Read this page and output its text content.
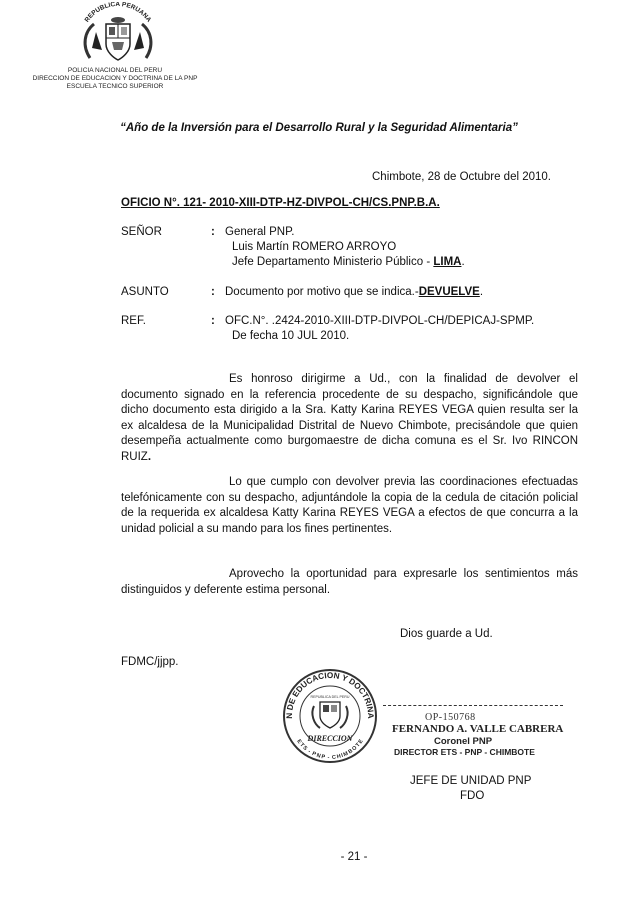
REPUBLICA PERUANA
POLICIA NACIONAL DEL PERU
DIRECCION DE EDUCACION Y DOCTRINA DE LA PNP
ESCUELA TECNICO SUPERIOR
“Año de la Inversión para el Desarrollo Rural y la Seguridad Alimentaria”
Chimbote, 28 de Octubre del 2010.
OFICIO N°. 121- 2010-XIII-DTP-HZ-DIVPOL-CH/CS.PNP.B.A.
SEÑOR	: General PNP.
Luis Martín ROMERO ARROYO
Jefe Departamento Ministerio Público - LIMA.
ASUNTO	: Documento por motivo que se indica.-DEVUELVE.
REF.	: OFC.N°. .2424-2010-XIII-DTP-DIVPOL-CH/DEPICAJ-SPMP.
De fecha 10 JUL 2010.
Es honroso dirigirme a Ud., con la finalidad de devolver el documento signado en la referencia procedente de su despacho, significándole que dicho documento esta dirigido a la Sra. Katty Karina REYES VEGA quien resulta ser la ex alcaldesa de la Municipalidad Distrital de Nuevo Chimbote, precisándole que quien desempeña actualmente como burgomaestre de dicha comuna es el Sr. Ivo RINCON RUIZ.
Lo que cumplo con devolver previa las coordinaciones efectuadas telefónicamente con su despacho, adjuntándole la copia de la cedula de citación policial de la requerida ex alcaldesa Katty Karina REYES VEGA a efectos de que concurra a la unidad policial a su mando para los fines pertinentes.
Aprovecho la oportunidad para expresarle los sentimientos más distinguidos y deferente estima personal.
Dios guarde a Ud.
FDMC/jjpp.
N DE EDUCACION Y DOCTRINA
ETS - PNP - CHIMBOTE
REPUBLICA DEL PERU
DIRECCION
OP-150768
FERNANDO A. VALLE CABRERA
Coronel PNP
DIRECTOR ETS - PNP - CHIMBOTE
JEFE DE UNIDAD PNP
FDO
- 21 -
